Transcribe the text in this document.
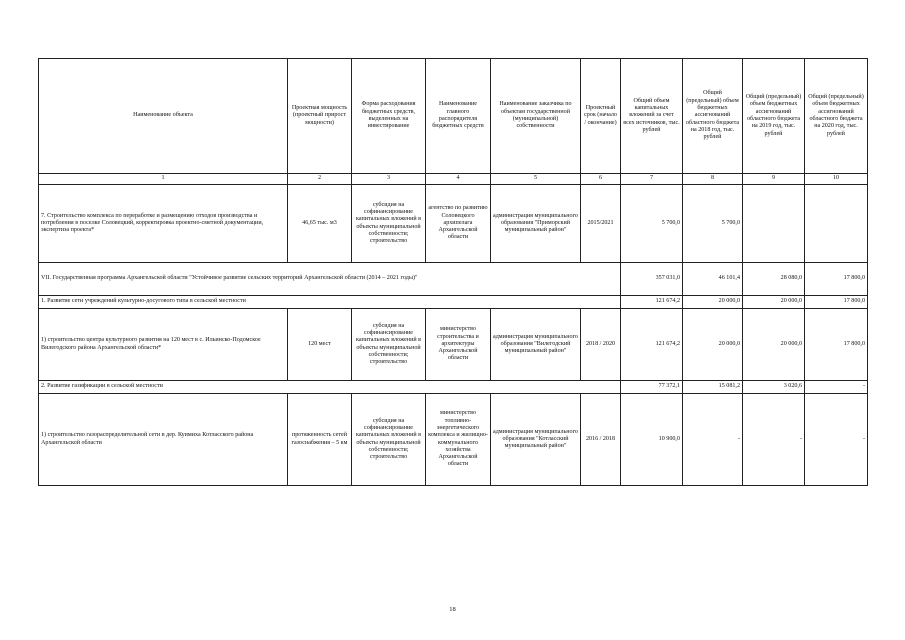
Наименование объекта	Проектная мощность (проектный прирост мощности)	Форма расходования бюджетных средств, выделенных на инвестирование	Наименование главного распорядителя бюджетных средств	Наименование заказчика по объектам государственной (муниципальной) собственности	Проектный срок (начало / окончание)	Общий объем капитальных вложений за счет всех источников, тыс. рублей	Общий (предельный) объем бюджетных ассигнований областного бюджета на 2018 год, тыс. рублей	Общий (предельный) объем бюджетных ассигнований областного бюджета на 2019 год, тыс. рублей	Общий (предельный) объем бюджетных ассигнований областного бюджета на 2020 год, тыс. рублей
1	2	3	4	5	6	7	8	9	10
7. Строительство комплекса по переработке и размещению отходов производства и потребления в поселке Соловецкий, корректировка проектно-сметной документации, экспертиза проекта*	46,65 тыс. м3	субсидия на софинансирование капитальных вложений в объекты муниципальной собственности; строительство	агентство по развитию Соловецкого архипелага Архангельской области	администрация муниципального образования "Приморский муниципальный район"	2015/2021	5 700,0	5 700,0		
VII. Государственная программа Архангельской области "Устойчивое развитие сельских территорий Архангельской области (2014 – 2021 годы)"						357 031,0	46 101,4	28 080,0	17 800,0
1. Развитие сети учреждений культурно-досугового типа в сельской местности						121 674,2	20 000,0	20 000,0	17 800,0
1) строительство центра культурного развития на 120 мест в с. Ильинско-Подомское Вилегодского района Архангельской области*	120 мест	субсидия на софинансирование капитальных вложений в объекты муниципальной собственности; строительство	министерство строительства и архитектуры Архангельской области	администрация муниципального образования "Вилегодский муниципальный район"	2018 / 2020	121 674,2	20 000,0	20 000,0	17 800,0
2. Развитие газификации в сельской местности						77 372,1	15 081,2	3 020,6	-
1) строительство газораспределительной сети в дер. Куимиха Котласского района Архангельской области	протяженность сетей газоснабжения – 5 км	субсидия на софинансирование капитальных вложений в объекты муниципальной собственности; строительство	министерство топливно-энергетического комплекса и жилищно-коммунального хозяйства Архангельской области	администрация муниципального образования "Котласский муниципальный район"	2016 / 2018	10 900,0	-	-	-
18
